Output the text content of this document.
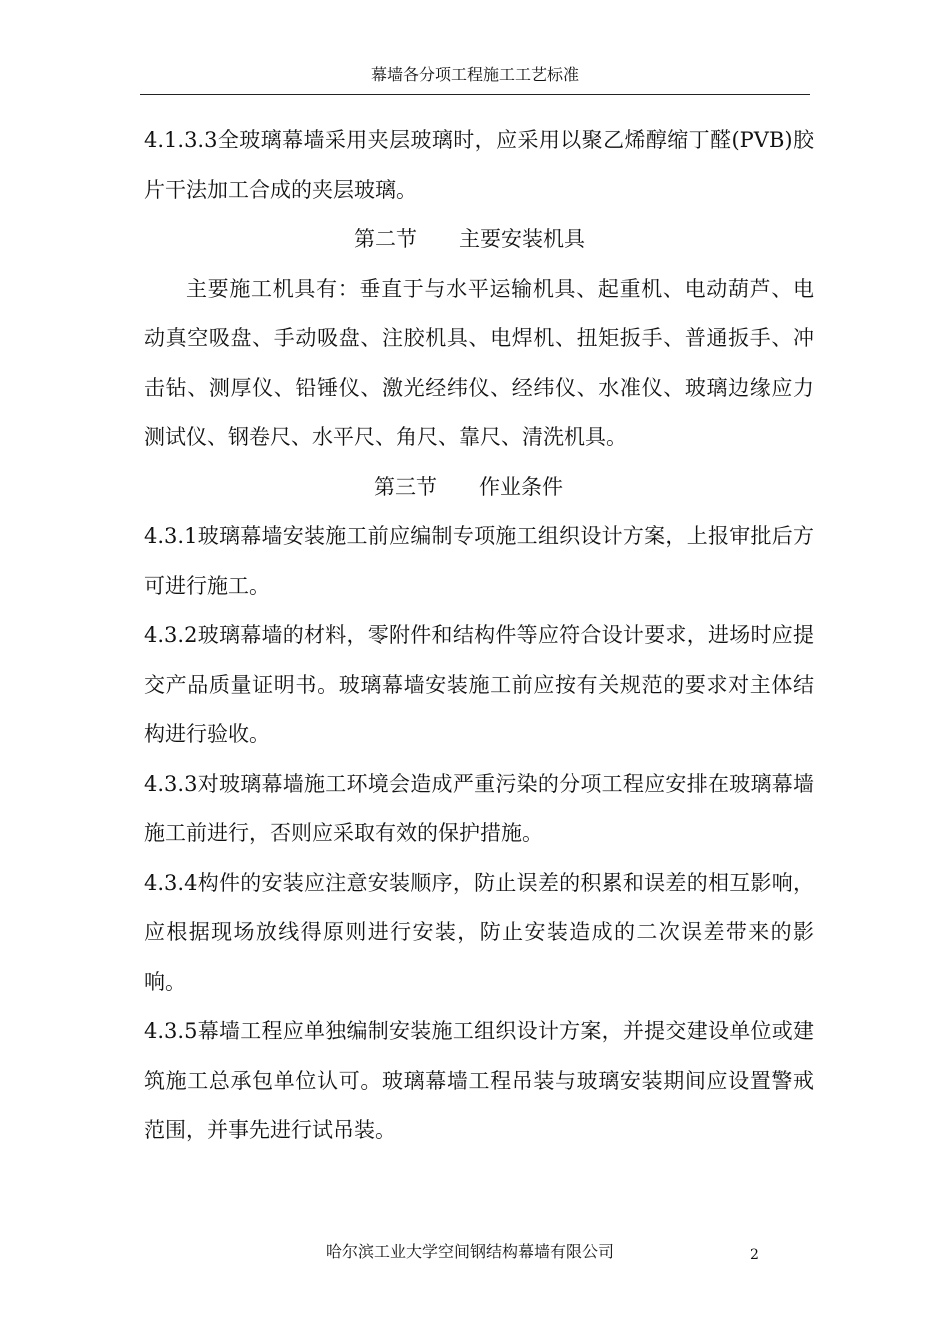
幕墙各分项工程施工工艺标准

4.1.3.3全玻璃幕墙采用夹层玻璃时，应采用以聚乙烯醇缩丁醛(PVB)胶片干法加工合成的夹层玻璃。

第二节　　主要安装机具

主要施工机具有：垂直于与水平运输机具、起重机、电动葫芦、电动真空吸盘、手动吸盘、注胶机具、电焊机、扭矩扳手、普通扳手、冲击钻、测厚仪、铅锤仪、激光经纬仪、经纬仪、水准仪、玻璃边缘应力测试仪、钢卷尺、水平尺、角尺、靠尺、清洗机具。

第三节　　作业条件

4.3.1玻璃幕墙安装施工前应编制专项施工组织设计方案，上报审批后方可进行施工。

4.3.2玻璃幕墙的材料，零附件和结构件等应符合设计要求，进场时应提交产品质量证明书。玻璃幕墙安装施工前应按有关规范的要求对主体结构进行验收。

4.3.3对玻璃幕墙施工环境会造成严重污染的分项工程应安排在玻璃幕墙施工前进行，否则应采取有效的保护措施。

4.3.4构件的安装应注意安装顺序，防止误差的积累和误差的相互影响，应根据现场放线得原则进行安装，防止安装造成的二次误差带来的影响。

4.3.5幕墙工程应单独编制安装施工组织设计方案，并提交建设单位或建筑施工总承包单位认可。玻璃幕墙工程吊装与玻璃安装期间应设置警戒范围，并事先进行试吊装。

哈尔滨工业大学空间钢结构幕墙有限公司	2
